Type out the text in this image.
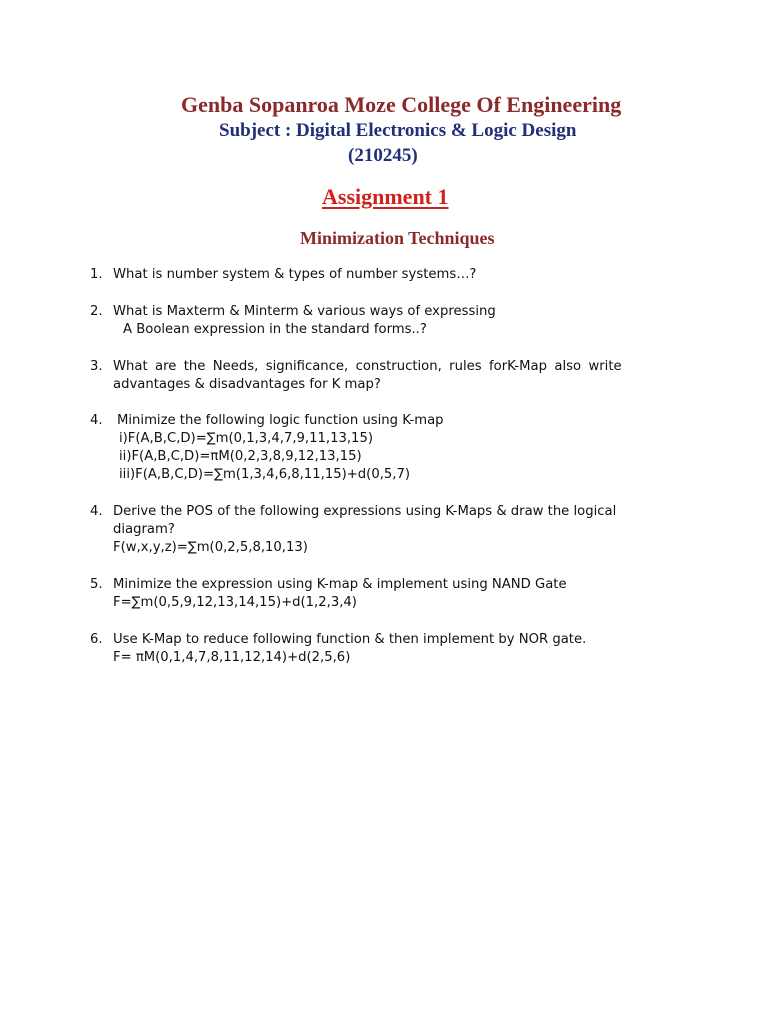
Genba Sopanroa Moze College Of Engineering
Subject : Digital Electronics & Logic Design
(210245)
Assignment 1
Minimization Techniques
1. What is number system & types of number systems…?
2. What is Maxterm & Minterm & various ways of expressing
A Boolean expression in the standard forms..?
3. What are the Needs, significance, construction, rules forK-Map also write
advantages & disadvantages for K map?
4.	Minimize the following logic function using K-map
i)F(A,B,C,D)=∑m(0,1,3,4,7,9,11,13,15)
ii)F(A,B,C,D)=πM(0,2,3,8,9,12,13,15)
iii)F(A,B,C,D)=∑m(1,3,4,6,8,11,15)+d(0,5,7)
4. Derive the POS of the following expressions using K-Maps & draw the logical
diagram?
F(w,x,y,z)=∑m(0,2,5,8,10,13)
5. Minimize the expression using K-map & implement using NAND Gate
F=∑m(0,5,9,12,13,14,15)+d(1,2,3,4)
6. Use K-Map to reduce following function & then implement by NOR gate.
F= πM(0,1,4,7,8,11,12,14)+d(2,5,6)
